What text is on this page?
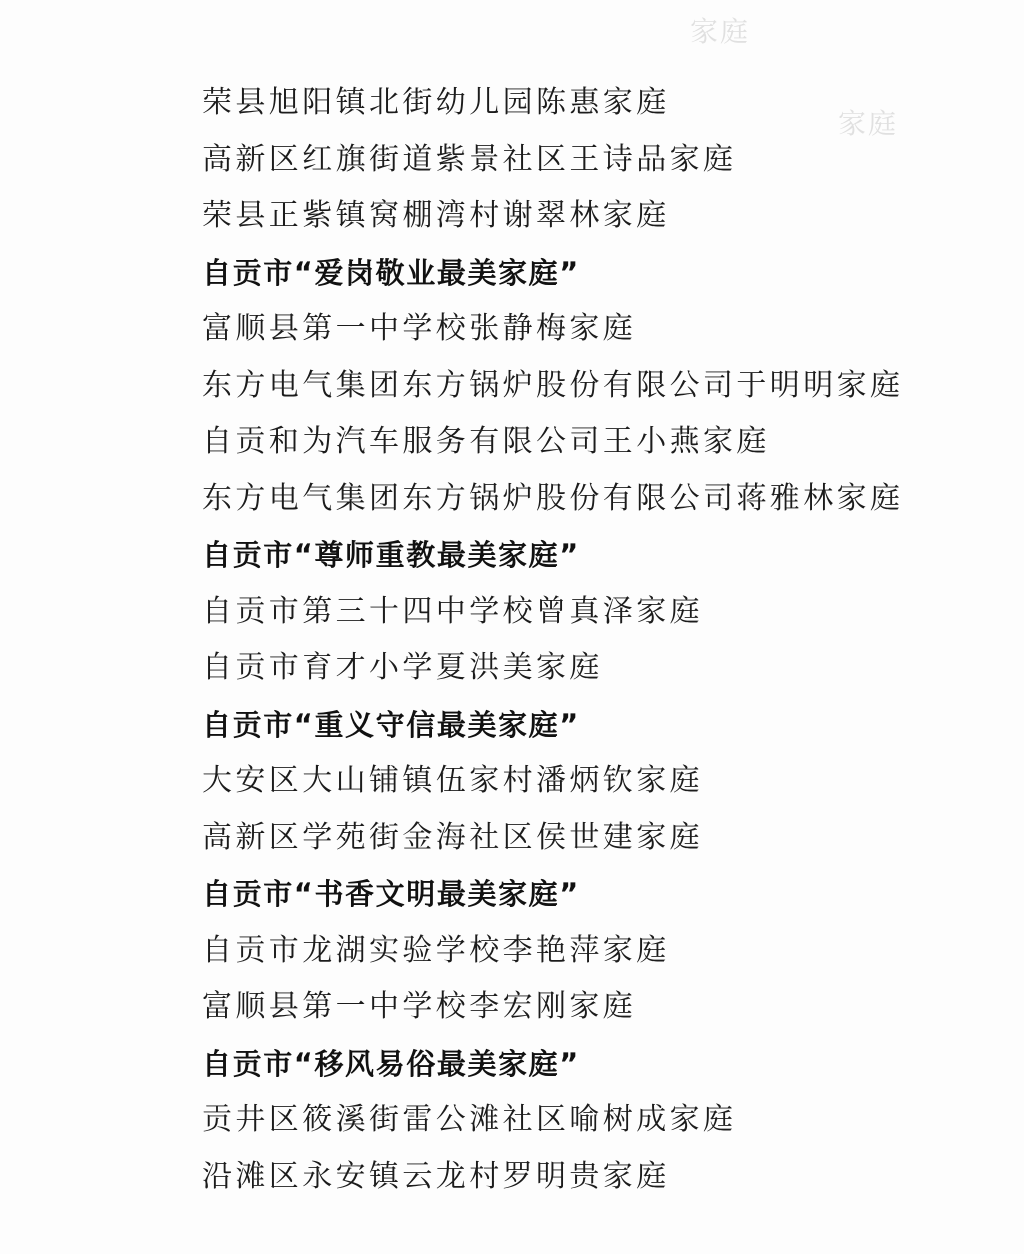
家庭
家庭
荣县旭阳镇北街幼儿园陈惠家庭
高新区红旗街道紫景社区王诗品家庭
荣县正紫镇窝棚湾村谢翠林家庭
自贡市“爱岗敬业最美家庭”
富顺县第一中学校张静梅家庭
东方电气集团东方锅炉股份有限公司于明明家庭
自贡和为汽车服务有限公司王小燕家庭
东方电气集团东方锅炉股份有限公司蒋雅林家庭
自贡市“尊师重教最美家庭”
自贡市第三十四中学校曾真泽家庭
自贡市育才小学夏洪美家庭
自贡市“重义守信最美家庭”
大安区大山铺镇伍家村潘炳钦家庭
高新区学苑街金海社区侯世建家庭
自贡市“书香文明最美家庭”
自贡市龙湖实验学校李艳萍家庭
富顺县第一中学校李宏刚家庭
自贡市“移风易俗最美家庭”
贡井区筱溪街雷公滩社区喻树成家庭
沿滩区永安镇云龙村罗明贵家庭
